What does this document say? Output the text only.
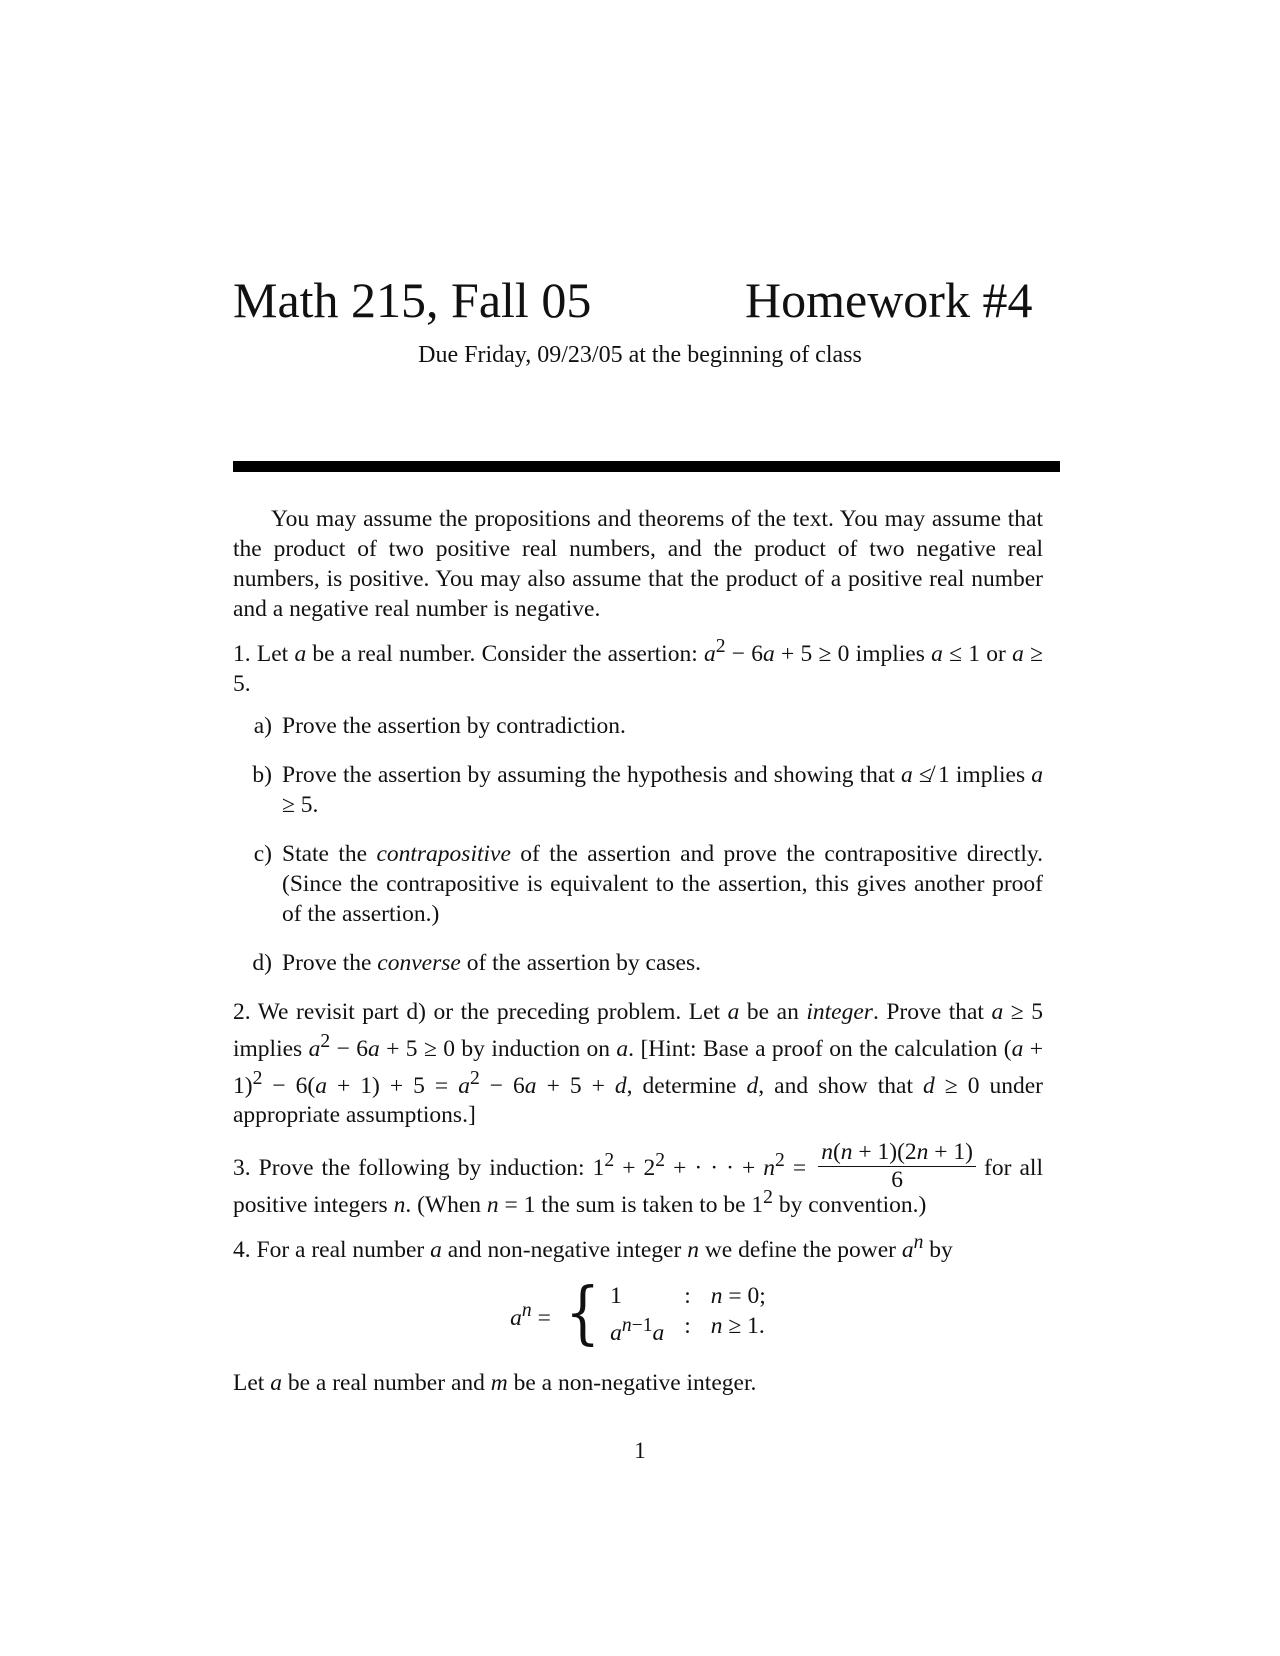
Math 215, Fall 05	Homework #4
Due Friday, 09/23/05 at the beginning of class

You may assume the propositions and theorems of the text. You may assume that the product of two positive real numbers, and the product of two negative real numbers, is positive. You may also assume that the product of a positive real number and a negative real number is negative.

1. Let a be a real number. Consider the assertion: $a^2 - 6a + 5 \ge 0$ implies a ≤ 1 or a ≥ 5.

a) Prove the assertion by contradiction.
b) Prove the assertion by assuming the hypothesis and showing that a ≰ 1 implies a ≥ 5.
c) State the contrapositive of the assertion and prove the contrapositive directly. (Since the contrapositive is equivalent to the assertion, this gives another proof of the assertion.)
d) Prove the converse of the assertion by cases.

2. We revisit part d) or the preceding problem. Let a be an integer. Prove that a ≥ 5 implies $a^2 - 6a + 5 \ge 0$ by induction on a. [Hint: Base a proof on the calculation $(a + 1)^2 - 6(a + 1) + 5 = a^2 - 6a + 5 + d$, determine d, and show that d ≥ 0 under appropriate assumptions.]

3. Prove the following by induction: $1^2 + 2^2$ + · · · + $n^2 = \frac{n(n + 1)(2n + 1)}{6}$ for all positive integers n. (When n = 1 the sum is taken to be $1^2$ by convention.)

4. For a real number a and non-negative integer n we define the power $a^n$ by

$a^n$ = { 1	: n = 0;
$a^{n-1}a$ : n ≥ 1.

Let a be a real number and m be a non-negative integer.

1
